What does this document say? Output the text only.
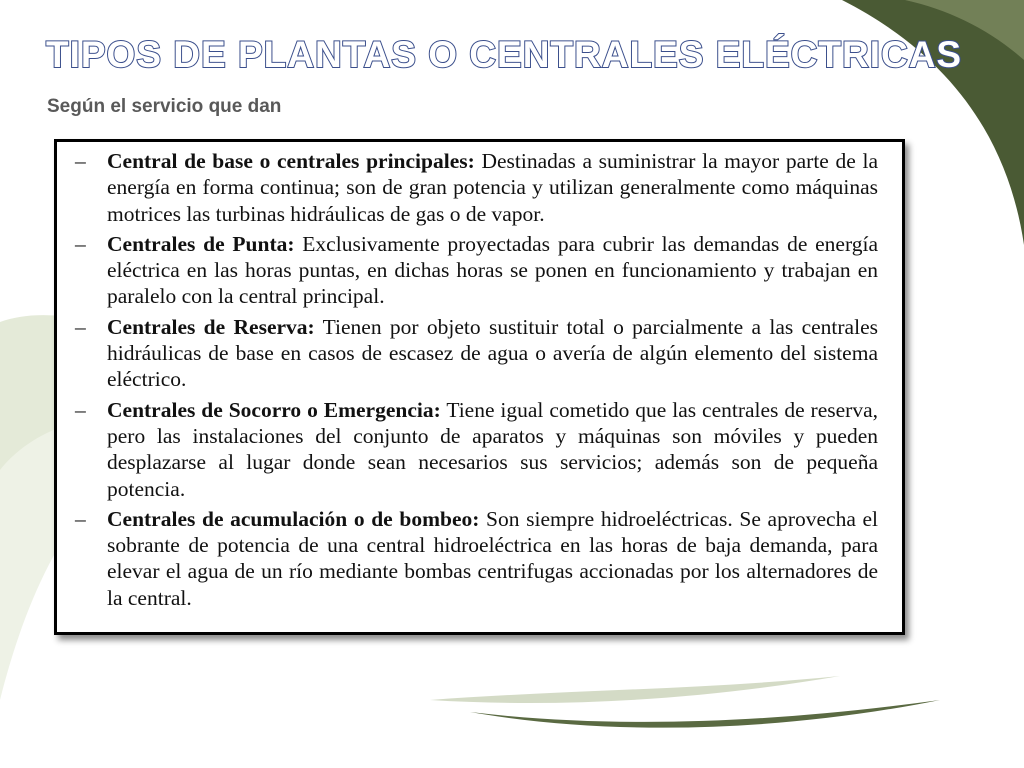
TIPOS DE PLANTAS O CENTRALES ELÉCTRICAS
Según el servicio que dan
– Central de base o centrales principales: Destinadas a suministrar la mayor parte de la energía en forma continua; son de gran potencia y utilizan generalmente como máquinas motrices las turbinas hidráulicas de gas o de vapor.
– Centrales de Punta: Exclusivamente proyectadas para cubrir las demandas de energía eléctrica en las horas puntas, en dichas horas se ponen en funcionamiento y trabajan en paralelo con la central principal.
– Centrales de Reserva: Tienen por objeto sustituir total o parcialmente a las centrales hidráulicas de base en casos de escasez de agua o avería de algún elemento del sistema eléctrico.
– Centrales de Socorro o Emergencia: Tiene igual cometido que las centrales de reserva, pero las instalaciones del conjunto de aparatos y máquinas son móviles y pueden desplazarse al lugar donde sean necesarios sus servicios; además son de pequeña potencia.
– Centrales de acumulación o de bombeo: Son siempre hidroeléctricas. Se aprovecha el sobrante de potencia de una central hidroeléctrica en las horas de baja demanda, para elevar el agua de un río mediante bombas centrifugas accionadas por los alternadores de la central.
